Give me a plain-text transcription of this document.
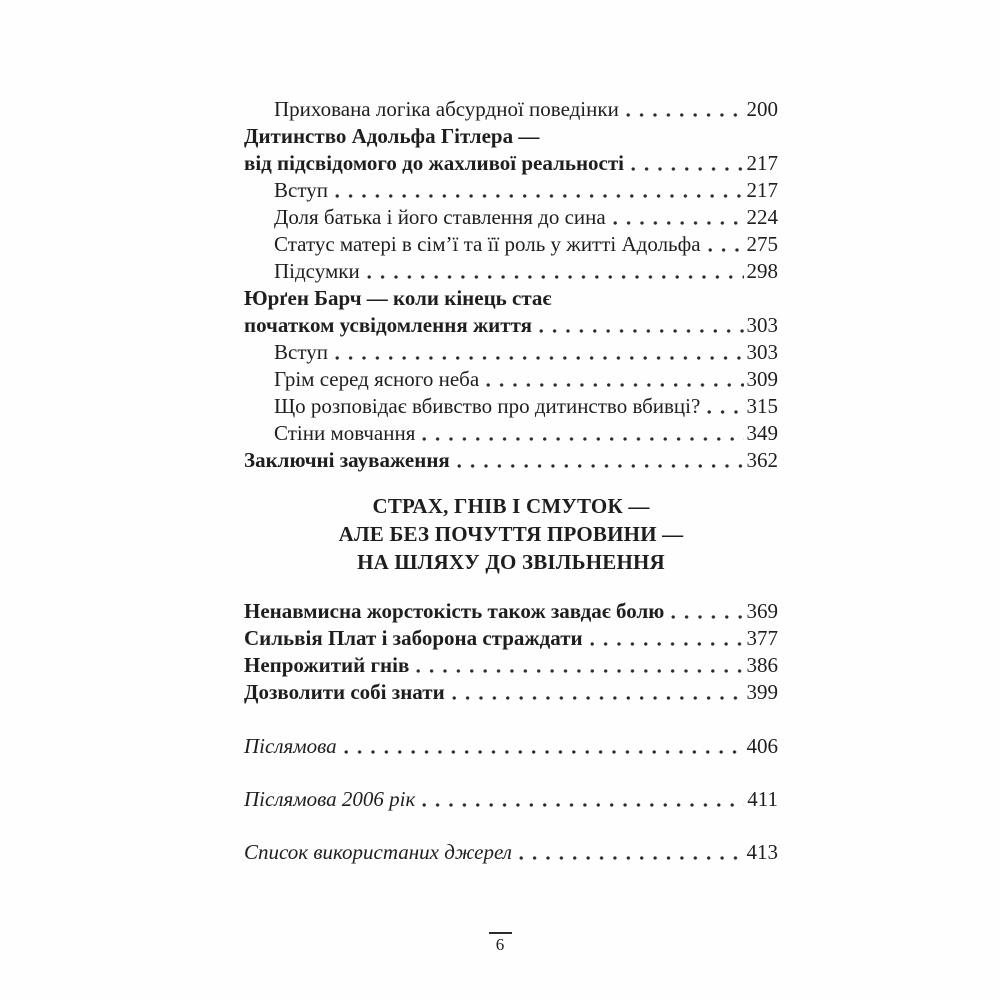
Прихована логіка абсурдної поведінки	200
Дитинство Адольфа Гітлера —
від підсвідомого до жахливої реальності	217
Вступ	217
Доля батька і його ставлення до сина	224
Статус матері в сім’ї та її роль у житті Адольфа 275
Підсумки	298
Юрґен Барч — коли кінець стає
початком усвідомлення життя	303
Вступ	303
Грім серед ясного неба	309
Що розповідає вбивство про дитинство вбивці? 315
Стіни мовчання	349
Заключні зауваження	362
СТРАХ, ГНІВ І СМУТОК —
АЛЕ БЕЗ ПОЧУТТЯ ПРОВИНИ —
НА ШЛЯХУ ДО ЗВІЛЬНЕННЯ
Ненавмисна жорстокість також завдає болю	369
Сильвія Плат і заборона страждати	377
Непрожитий гнів	386
Дозволити собі знати	399
Післямова	406
Післямова 2006 рік	411
Список використаних джерел	413
6
